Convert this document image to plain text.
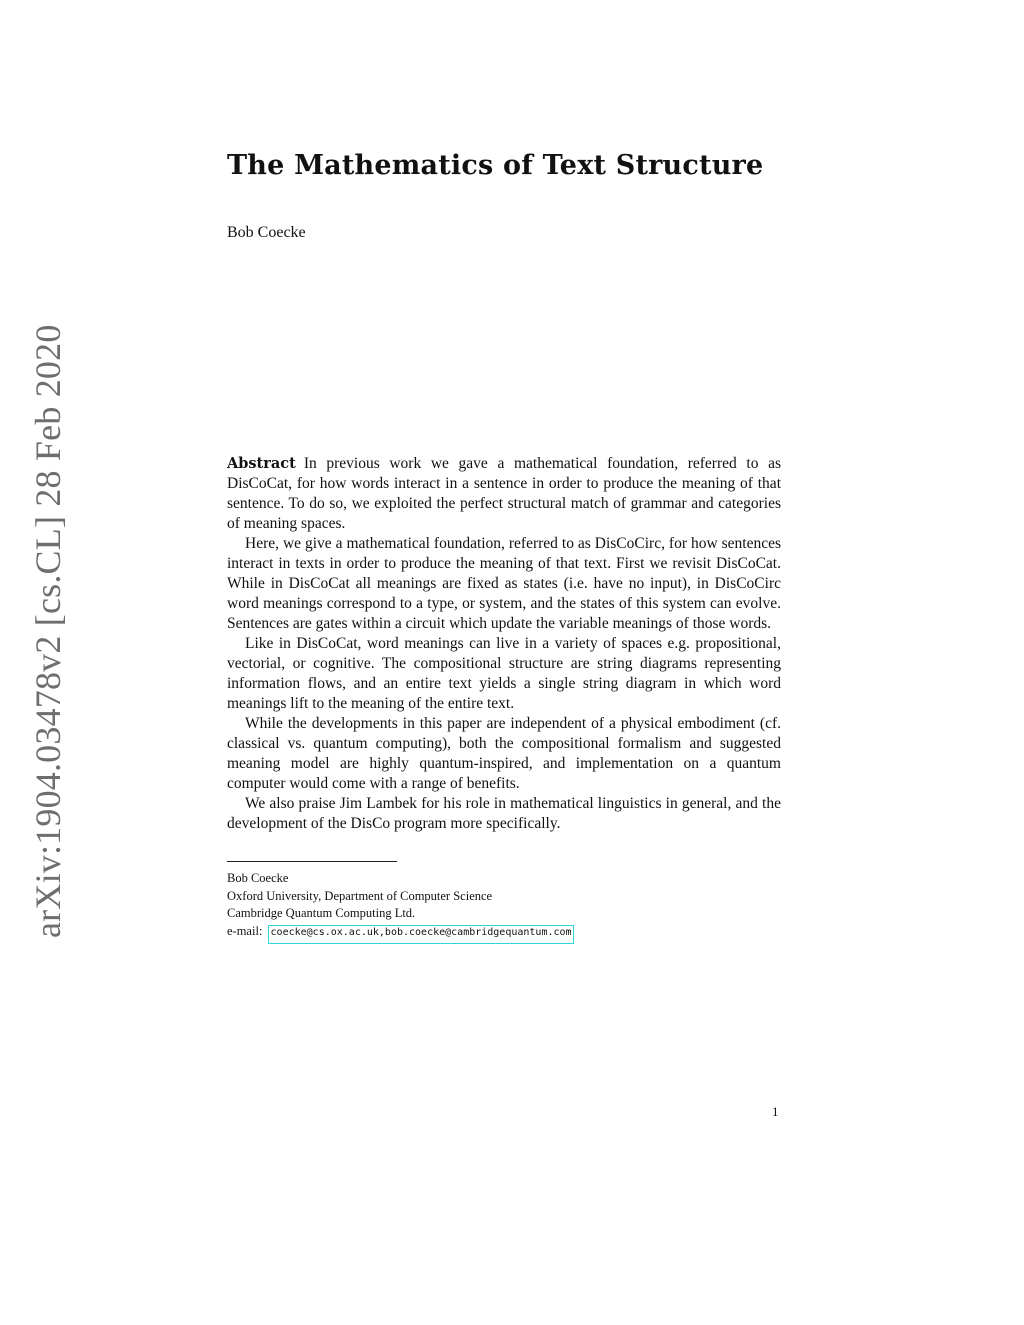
arXiv:1904.03478v2 [cs.CL] 28 Feb 2020
The Mathematics of Text Structure
Bob Coecke

Abstract In previous work we gave a mathematical foundation, referred to as DisCoCat, for how words interact in a sentence in order to produce the meaning of that sentence. To do so, we exploited the perfect structural match of grammar and categories of meaning spaces.

Here, we give a mathematical foundation, referred to as DisCoCirc, for how sentences interact in texts in order to produce the meaning of that text. First we revisit DisCoCat. While in DisCoCat all meanings are fixed as states (i.e. have no input), in DisCoCirc word meanings correspond to a type, or system, and the states of this system can evolve. Sentences are gates within a circuit which update the variable meanings of those words.

Like in DisCoCat, word meanings can live in a variety of spaces e.g. propositional, vectorial, or cognitive. The compositional structure are string diagrams representing information flows, and an entire text yields a single string diagram in which word meanings lift to the meaning of the entire text.

While the developments in this paper are independent of a physical embodiment (cf. classical vs. quantum computing), both the compositional formalism and suggested meaning model are highly quantum-inspired, and implementation on a quantum computer would come with a range of benefits.

We also praise Jim Lambek for his role in mathematical linguistics in general, and the development of the DisCo program more specifically.

Bob Coecke
Oxford University, Department of Computer Science
Cambridge Quantum Computing Ltd.
e-mail: coecke@cs.ox.ac.uk,bob.coecke@cambridgequantum.com
1
